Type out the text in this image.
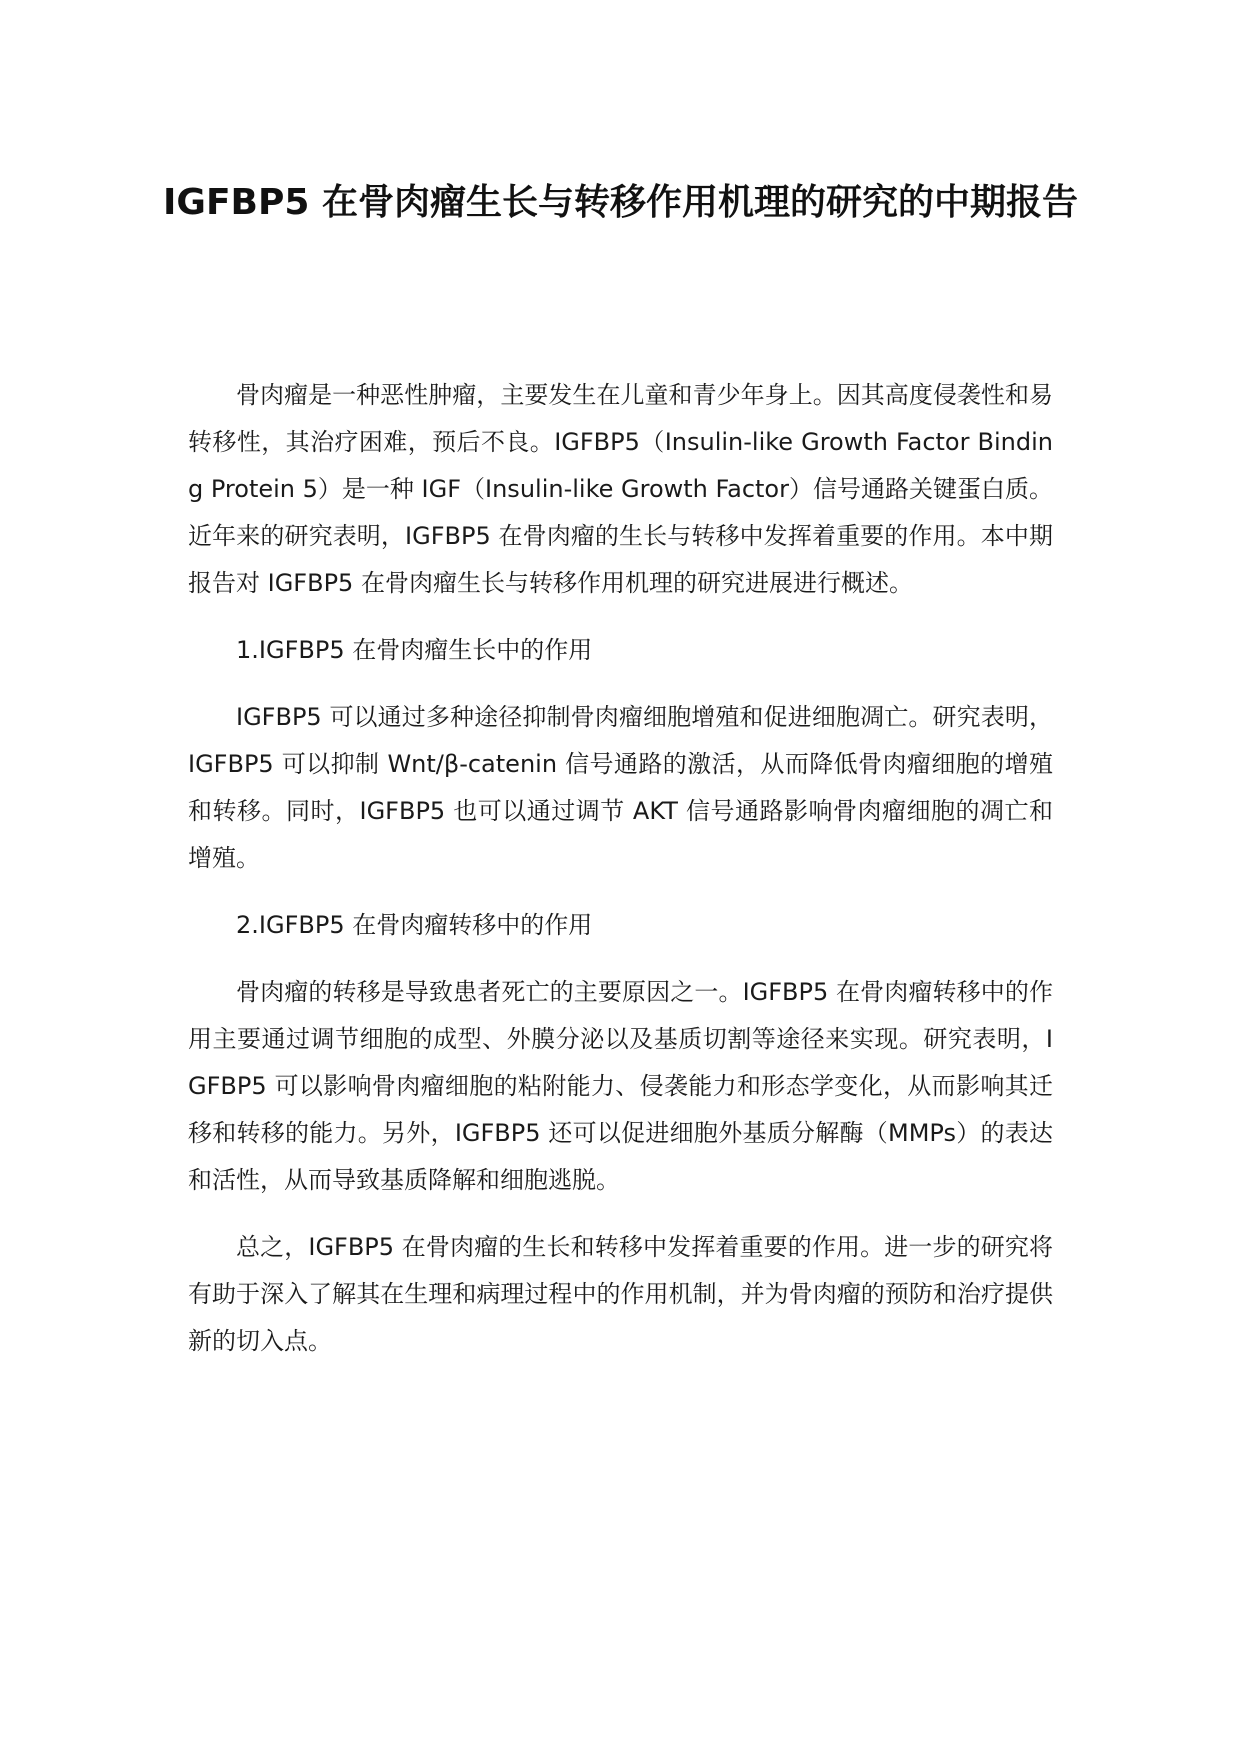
IGFBP5 在骨肉瘤生长与转移作用机理的研究的中期报告

骨肉瘤是一种恶性肿瘤，主要发生在儿童和青少年身上。因其高度侵袭性和易转移性，其治疗困难，预后不良。IGFBP5（Insulin-like Growth Factor Binding Protein 5）是一种 IGF（Insulin-like Growth Factor）信号通路关键蛋白质。近年来的研究表明，IGFBP5 在骨肉瘤的生长与转移中发挥着重要的作用。本中期报告对 IGFBP5 在骨肉瘤生长与转移作用机理的研究进展进行概述。

1.IGFBP5 在骨肉瘤生长中的作用

IGFBP5 可以通过多种途径抑制骨肉瘤细胞增殖和促进细胞凋亡。研究表明，IGFBP5 可以抑制 Wnt/β-catenin 信号通路的激活，从而降低骨肉瘤细胞的增殖和转移。同时，IGFBP5 也可以通过调节 AKT 信号通路影响骨肉瘤细胞的凋亡和增殖。

2.IGFBP5 在骨肉瘤转移中的作用

骨肉瘤的转移是导致患者死亡的主要原因之一。IGFBP5 在骨肉瘤转移中的作用主要通过调节细胞的成型、外膜分泌以及基质切割等途径来实现。研究表明，IGFBP5 可以影响骨肉瘤细胞的粘附能力、侵袭能力和形态学变化，从而影响其迁移和转移的能力。另外，IGFBP5 还可以促进细胞外基质分解酶（MMPs）的表达和活性，从而导致基质降解和细胞逃脱。

总之，IGFBP5 在骨肉瘤的生长和转移中发挥着重要的作用。进一步的研究将有助于深入了解其在生理和病理过程中的作用机制，并为骨肉瘤的预防和治疗提供新的切入点。
